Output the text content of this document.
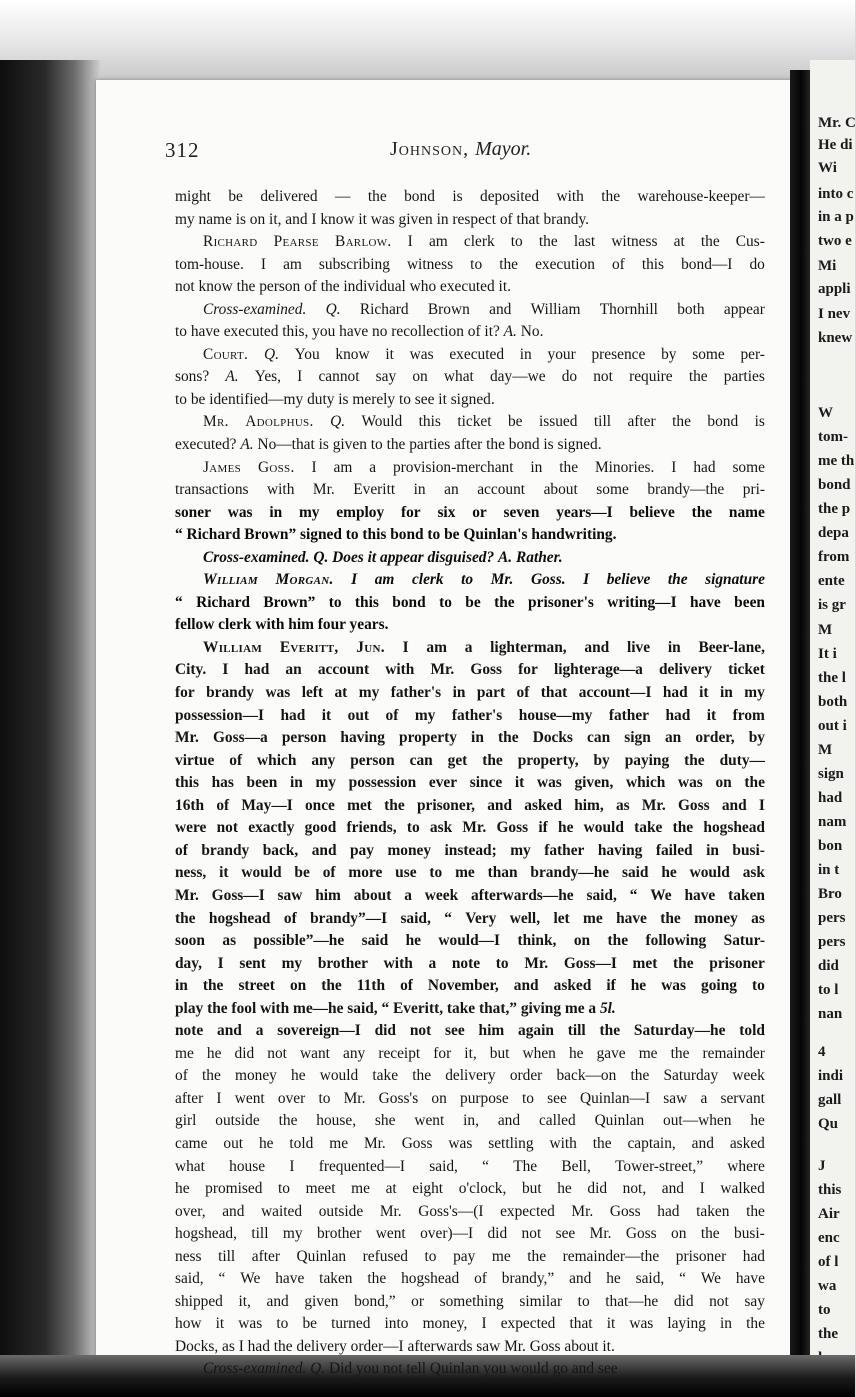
Mr. C
He di
Wi
into c
in a p
two e
Mi
appli
I nev
knew
W
tom-
me th
bond
the p
depa
from
ente
is gr
M
It i
the l
both
out i
M
sign
had
nam
bon
in t
Bro
pers
pers
did
to l
nan
4
indi
gall
Qu
J
this
Air
enc
of l
wa
to
the
312	Johnson, Mayor.
might be delivered — the bond is deposited with the warehouse-keeper—
my name is on it, and I know it was given in respect of that brandy.
Richard Pearse Barlow. I am clerk to the last witness at the Cus-
tom-house. I am subscribing witness to the execution of this bond—I do
not know the person of the individual who executed it.
Cross-examined. Q. Richard Brown and William Thornhill both appear
to have executed this, you have no recollection of it? A. No.
Court. Q. You know it was executed in your presence by some per-
sons? A. Yes, I cannot say on what day—we do not require the parties
to be identified—my duty is merely to see it signed.
Mr. Adolphus. Q. Would this ticket be issued till after the bond is
executed? A. No—that is given to the parties after the bond is signed.
James Goss. I am a provision-merchant in the Minories. I had some
transactions with Mr. Everitt in an account about some brandy—the pri-
soner was in my employ for six or seven years—I believe the name
“ Richard Brown” signed to this bond to be Quinlan's handwriting.
Cross-examined.
Q. Does it appear disguised? A. Rather.
William Morgan. I am clerk to Mr. Goss. I believe the signature
“ Richard Brown” to this bond to be the prisoner's writing—I have been
fellow clerk with him four years.
William Everitt, Jun. I am a lighterman, and live in Beer-lane,
City. I had an account with Mr. Goss for lighterage—a delivery ticket
for brandy was left at my father's in part of that account—I had it in my
possession—I had it out of my father's house—my father had it from
Mr. Goss—a person having property in the Docks can sign an order, by
virtue of which any person can get the property, by paying the duty—
this has been in my possession ever since it was given, which was on the
16th of May—I once met the prisoner, and asked him, as Mr. Goss and I
were not exactly good friends, to ask Mr. Goss if he would take the hogshead
of brandy back, and pay money instead; my father having failed in busi-
ness, it would be of more use to me than brandy—he said he would ask
Mr. Goss—I saw him about a week afterwards—he said, “ We have taken
the hogshead of brandy”—I said, “ Very well, let me have the money as
soon as possible”—he said he would—I think, on the following Satur-
day, I sent my brother with a note to Mr. Goss—I met the prisoner
in the street on the 11th of November, and asked if he was going to
play the fool with me—he said, “ Everitt, take that,” giving me a 5l.
note and a sovereign—I did not see him again till the Saturday—he told
me he did not want any receipt for it, but when he gave me the remainder
of the money he would take the delivery order back—on the Saturday week
after I went over to Mr. Goss's on purpose to see Quinlan—I saw a servant
girl outside the house, she went in, and called Quinlan out—when he
came out he told me Mr. Goss was settling with the captain, and asked
what house I frequented—I said, “ The Bell, Tower-street,” where
he promised to meet me at eight o'clock, but he did not, and I walked
over, and waited outside Mr. Goss's—(I expected Mr. Goss had taken the
hogshead, till my brother went over)—I did not see Mr. Goss on the busi-
ness till after Quinlan refused to pay me the remainder—the prisoner had
said, “ We have taken the hogshead of brandy,” and he said, “ We have
shipped it, and given bond,” or something similar to that—he did not say
how it was to be turned into money, I expected that it was laying in the
Docks, as I had the delivery order—I afterwards saw Mr. Goss about it.
Cross-examined.
Q. Did you not tell Quinlan you would go and see
